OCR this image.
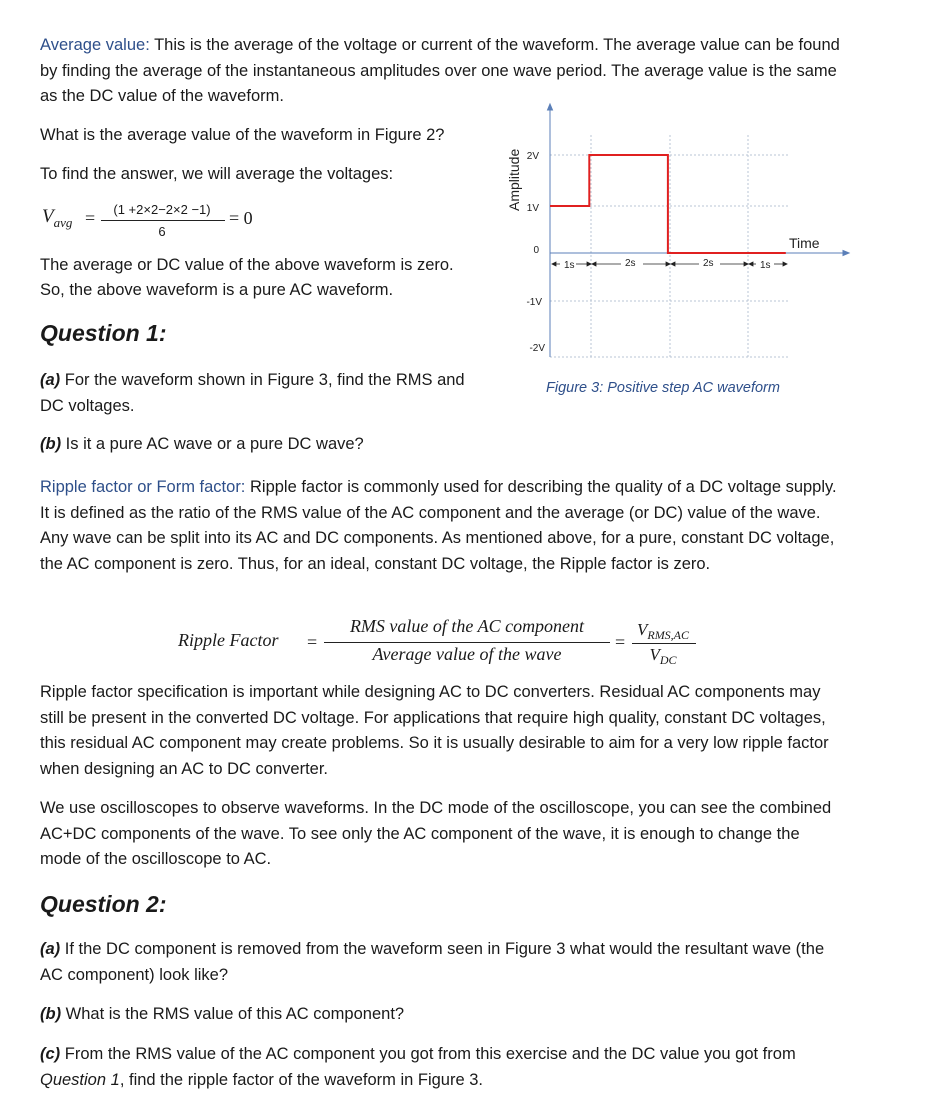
Average value: This is the average of the voltage or current of the waveform. The average value can be found by finding the average of the instantaneous amplitudes over one wave period. The average value is the same as the DC value of the waveform.

What is the average value of the waveform in Figure 2?

To find the answer, we will average the voltages:

$V_{avg}$ =	(1 +2×2−2×2 −1)
6
= 0

The average or DC value of the above waveform is zero.

So, the above waveform is a pure AC waveform.

Question 1:

(a) For the waveform shown in Figure 3, find the RMS and DC voltages.

(b) Is it a pure AC wave or a pure DC wave?

2V
1V
0
-1V
-2V
Amplitude
Time
1s	2s	2s	1s
Figure 3: Positive step AC waveform

Ripple factor or Form factor: Ripple factor is commonly used for describing the quality of a DC voltage supply. It is defined as the ratio of the RMS value of the AC component and the average (or DC) value of the wave. Any wave can be split into its AC and DC components. As mentioned above, for a pure, constant DC voltage, the AC component is zero. Thus, for an ideal, constant DC voltage, the Ripple factor is zero.

Ripple Factor =
RMS value of the AC component
Average value of the wave
=
$V_{RMS,AC}$
$V_{DC}$

Ripple factor specification is important while designing AC to DC converters. Residual AC components may still be present in the converted DC voltage. For applications that require high quality, constant DC voltages, this residual AC component may create problems. So it is usually desirable to aim for a very low ripple factor when designing an AC to DC converter.

We use oscilloscopes to observe waveforms. In the DC mode of the oscilloscope, you can see the combined AC+DC components of the wave. To see only the AC component of the wave, it is enough to change the mode of the oscilloscope to AC.

Question 2:

(a) If the DC component is removed from the waveform seen in Figure 3 what would the resultant wave (the AC component) look like?

(b) What is the RMS value of this AC component?

(c) From the RMS value of the AC component you got from this exercise and the DC value you got from Question 1, find the ripple factor of the waveform in Figure 3.
